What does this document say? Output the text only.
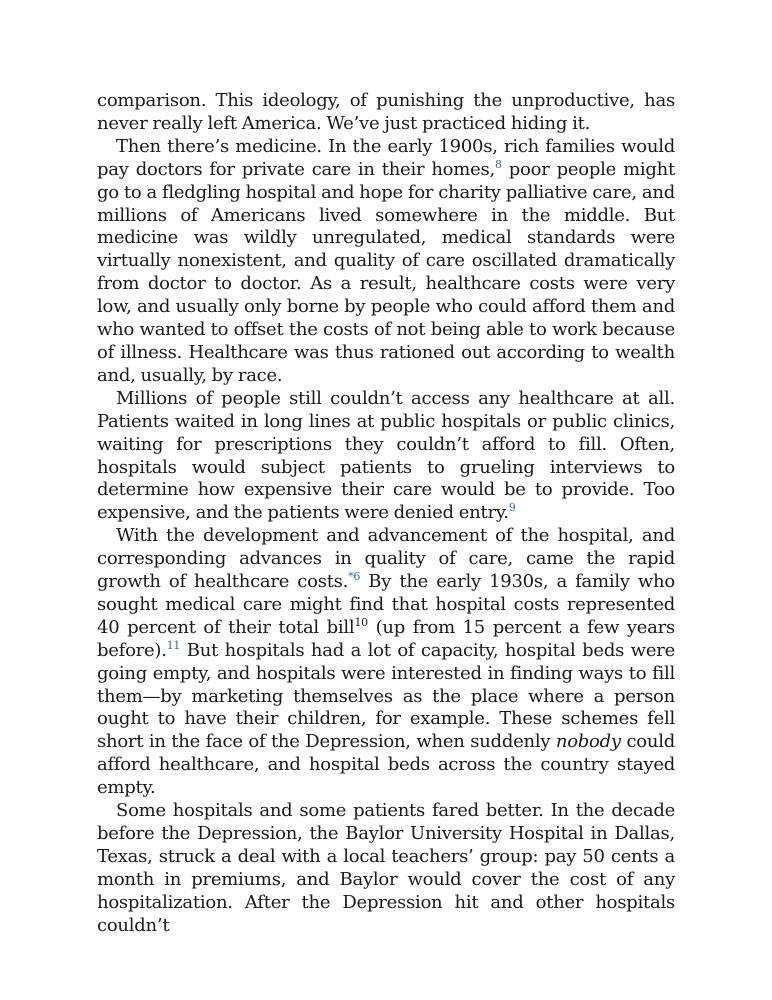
comparison. This ideology, of punishing the unproductive, has never really left America. We’ve just practiced hiding it.

Then there’s medicine. In the early 1900s, rich families would pay doctors for private care in their homes,$^8$ poor people might go to a fledgling hospital and hope for charity palliative care, and millions of Americans lived somewhere in the middle. But medicine was wildly unregulated, medical standards were virtually nonexistent, and quality of care oscillated dramatically from doctor to doctor. As a result, healthcare costs were very low, and usually only borne by people who could afford them and who wanted to offset the costs of not being able to work because of illness. Healthcare was thus rationed out according to wealth and, usually, by race.

Millions of people still couldn’t access any healthcare at all. Patients waited in long lines at public hospitals or public clinics, waiting for prescriptions they couldn’t afford to fill. Often, hospitals would subject patients to grueling interviews to determine how expensive their care would be to provide. Too expensive, and the patients were denied entry.$^9$

With the development and advancement of the hospital, and corresponding advances in quality of care, came the rapid growth of healthcare costs.$^{*6}$ By the early 1930s, a family who sought medical care might find that hospital costs represented 40 percent of their total bill$^{10}$ (up from 15 percent a few years before).$^{11}$ But hospitals had a lot of capacity, hospital beds were going empty, and hospitals were interested in finding ways to fill them—by marketing themselves as the place where a person ought to have their children, for example. These schemes fell short in the face of the Depression, when suddenly nobody could afford healthcare, and hospital beds across the country stayed empty.

Some hospitals and some patients fared better. In the decade before the Depression, the Baylor University Hospital in Dallas, Texas, struck a deal with a local teachers’ group: pay 50 cents a month in premiums, and Baylor would cover the cost of any hospitalization. After the Depression hit and other hospitals couldn’t
